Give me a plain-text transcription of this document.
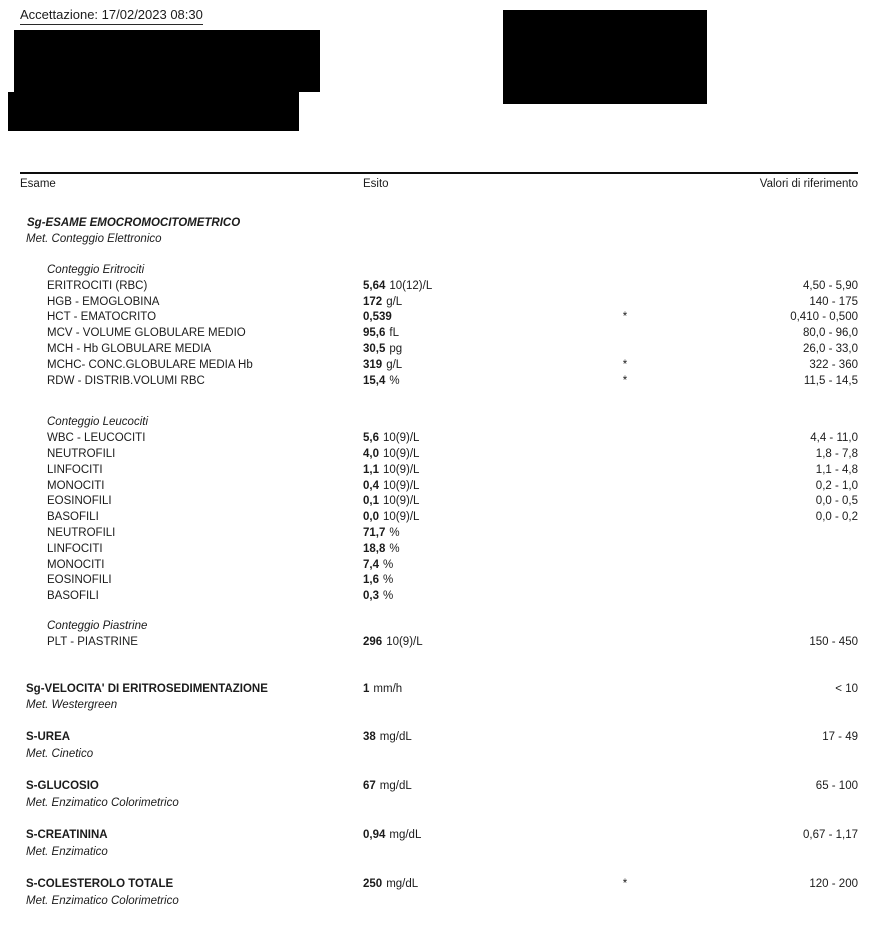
Accettazione: 17/02/2023 08:30
Esame	Esito	Valori di riferimento
Sg-ESAME EMOCROMOCITOMETRICO
Met. Conteggio Elettronico
Conteggio Eritrociti
ERITROCITI (RBC)	5,64 10(12)/L	4,50 - 5,90
HGB - EMOGLOBINA	172 g/L	140 - 175
HCT - EMATOCRITO	0,539	*	0,410 - 0,500
MCV - VOLUME GLOBULARE MEDIO	95,6 fL	80,0 - 96,0
MCH - Hb GLOBULARE MEDIA	30,5 pg	26,0 - 33,0
MCHC- CONC.GLOBULARE MEDIA Hb	319 g/L	*	322 - 360
RDW - DISTRIB.VOLUMI RBC	15,4 %	*	11,5 - 14,5
Conteggio Leucociti
WBC - LEUCOCITI	5,6 10(9)/L	4,4 - 11,0
NEUTROFILI	4,0 10(9)/L	1,8 - 7,8
LINFOCITI	1,1 10(9)/L	1,1 - 4,8
MONOCITI	0,4 10(9)/L	0,2 - 1,0
EOSINOFILI	0,1 10(9)/L	0,0 - 0,5
BASOFILI	0,0 10(9)/L	0,0 - 0,2
NEUTROFILI	71,7 %
LINFOCITI	18,8 %
MONOCITI	7,4 %
EOSINOFILI	1,6 %
BASOFILI	0,3 %
Conteggio Piastrine
PLT - PIASTRINE	296 10(9)/L	150 - 450
Sg-VELOCITA' DI ERITROSEDIMENTAZIONE
Met. Westergreen
1 mm/h	< 10
S-UREA
Met. Cinetico
38 mg/dL	17 - 49
S-GLUCOSIO
Met. Enzimatico Colorimetrico
67 mg/dL	65 - 100
S-CREATININA
Met. Enzimatico
0,94 mg/dL	0,67 - 1,17
S-COLESTEROLO TOTALE
Met. Enzimatico Colorimetrico
250 mg/dL	*	120 - 200
